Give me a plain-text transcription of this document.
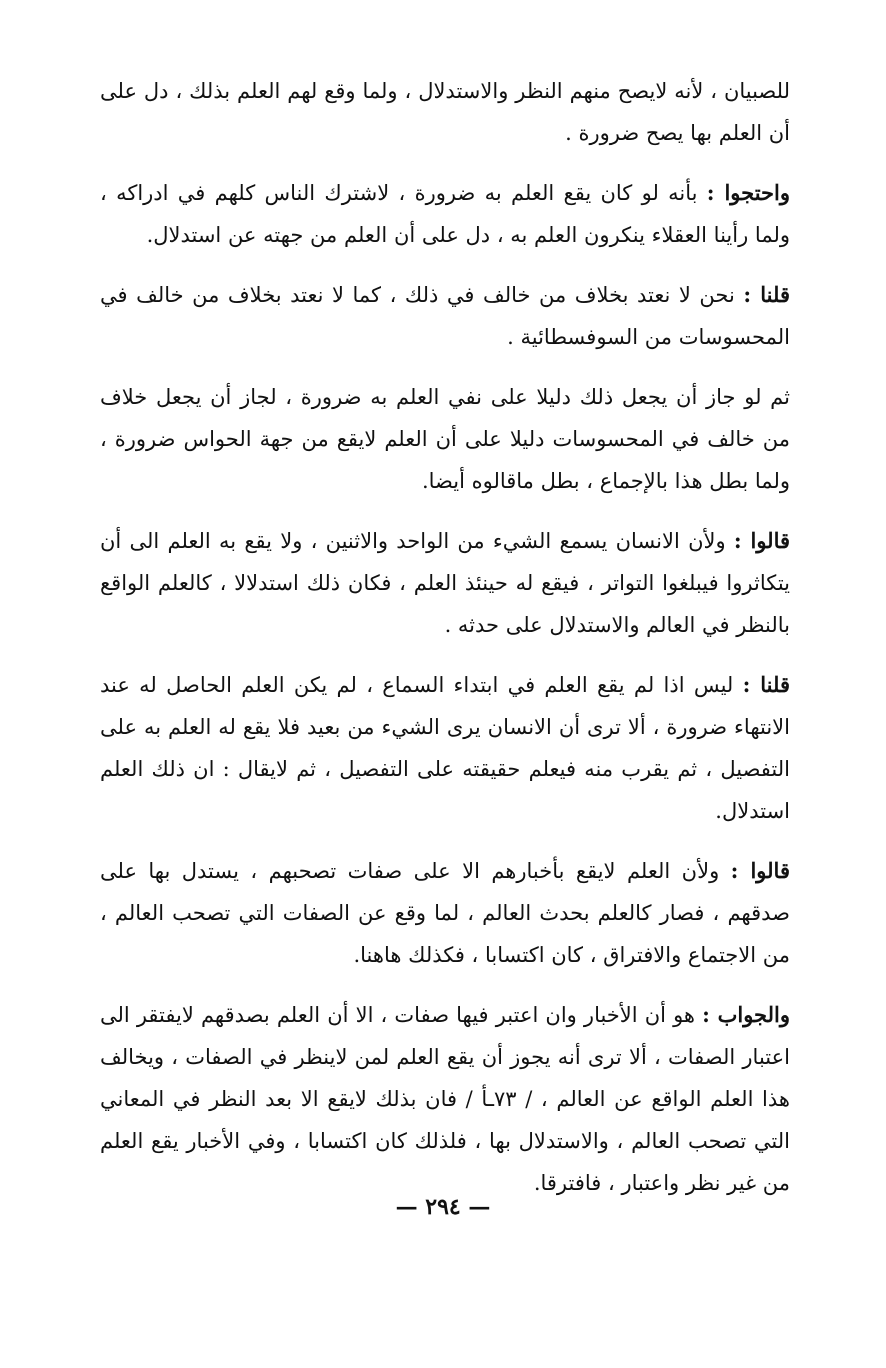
للصبيان ، لأنه لايصح منهم النظر والاستدلال ، ولما وقع لهم العلم بذلك ، دل على أن العلم بها يصح ضرورة .

واحتجوا : بأنه لو كان يقع العلم به ضرورة ، لاشترك الناس كلهم في ادراكه ، ولما رأينا العقلاء ينكرون العلم به ، دل على أن العلم من جهته عن استدلال.

قلنا : نحن لا نعتد بخلاف من خالف في ذلك ، كما لا نعتد بخلاف من خالف في المحسوسات من السوفسطائية .

ثم لو جاز أن يجعل ذلك دليلا على نفي العلم به ضرورة ، لجاز أن يجعل خلاف من خالف في المحسوسات دليلا على أن العلم لايقع من جهة الحواس ضرورة ، ولما بطل هذا بالإجماع ، بطل ماقالوه أيضا.

قالوا : ولأن الانسان يسمع الشيء من الواحد والاثنين ، ولا يقع به العلم الى أن يتكاثروا فيبلغوا التواتر ، فيقع له حينئذ العلم ، فكان ذلك استدلالا ، كالعلم الواقع بالنظر في العالم والاستدلال على حدثه .

قلنا : ليس اذا لم يقع العلم في ابتداء السماع ، لم يكن العلم الحاصل له عند الانتهاء ضرورة ، ألا ترى أن الانسان يرى الشيء من بعيد فلا يقع له العلم به على التفصيل ، ثم يقرب منه فيعلم حقيقته على التفصيل ، ثم لايقال : ان ذلك العلم استدلال.

قالوا : ولأن العلم لايقع بأخبارهم الا على صفات تصحبهم ، يستدل بها على صدقهم ، فصار كالعلم بحدث العالم ، لما وقع عن الصفات التي تصحب العالم ، من الاجتماع والافتراق ، كان اكتسابا ، فكذلك هاهنا.

والجواب : هو أن الأخبار وان اعتبر فيها صفات ، الا أن العلم بصدقهم لايفتقر الى اعتبار الصفات ، ألا ترى أنه يجوز أن يقع العلم لمن لاينظر في الصفات ، ويخالف هذا العلم الواقع عن العالم ، / ٧٣ـأ / فان بذلك لايقع الا بعد النظر في المعاني التي تصحب العالم ، والاستدلال بها ، فلذلك كان اكتسابا ، وفي الأخبار يقع العلم من غير نظر واعتبار ، فافترقا.

— ٢٩٤ —
